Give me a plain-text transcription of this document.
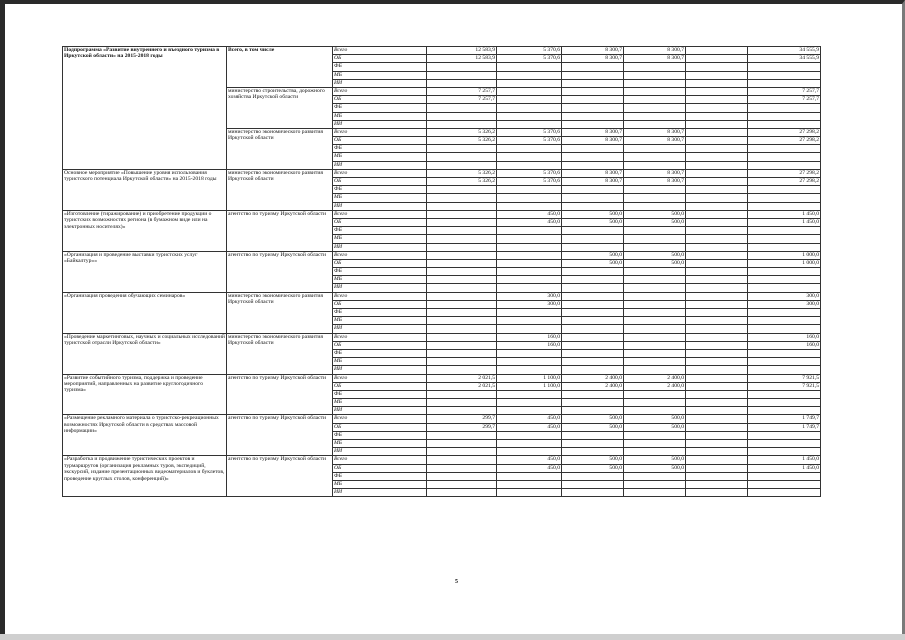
Подпрограмма «Развитие внутреннего и въездного туризма в Иркутской области» на 2015-2018 годы	Всего, в том числе	Всего	12 583,9	5 370,6	8 300,7	8 300,7		34 555,9
		ОБ	12 583,9	5 370,6	8 300,7	8 300,7		34 555,9
		ФБ						
		МБ						
		ИИ						
	министерство строительства, дорожного хозяйства Иркутской области	Всего	7 257,7					7 257,7
		ОБ	7 257,7					7 257,7
		ФБ						
		МБ						
		ИИ						
	министерство экономического развития Иркутской области	Всего	5 326,2	5 370,6	8 300,7	8 300,7		27 298,2
		ОБ	5 326,2	5 370,6	8 300,7	8 300,7		27 298,2
		ФБ						
		МБ						
		ИИ						
Основное мероприятие «Повышение уровня использования туристского потенциала Иркутской области» на 2015-2018 годы	министерство экономического развития Иркутской области	Всего	5 326,2	5 370,6	8 300,7	8 300,7		27 298,2
		ОБ	5 326,2	5 370,6	8 300,7	8 300,7		27 298,2
		ФБ						
		МБ						
		ИИ						
«Изготовление (тиражирование) и приобретение продукции о туристских возможностях региона (в бумажном виде или на электронных носителях)»	агентство по туризму Иркутской области	Всего		450,0	500,0	500,0		1 450,0
		ОБ		450,0	500,0	500,0		1 450,0
		ФБ						
		МБ						
		ИИ						
«Организация и проведение выставки туристских услуг «Байкалтур»»	агентство по туризму Иркутской области	Всего			500,0	500,0		1 000,0
		ОБ			500,0	500,0		1 000,0
		ФБ						
		МБ						
		ИИ						
«Организация проведения обучающих семинаров»	министерство экономического развития Иркутской области	Всего		300,0				300,0
		ОБ		300,0				300,0
		ФБ						
		МБ						
		ИИ						
«Проведение маркетинговых, научных и социальных исследований туристской отрасли Иркутской области»	министерство экономического развития Иркутской области	Всего		160,0				160,0
		ОБ		160,0				160,0
		ФБ						
		МБ						
		ИИ						
«Развитие событийного туризма, поддержка и проведение мероприятий, направленных на развитие круглогодичного туризма»	агентство по туризму Иркутской области	Всего	2 021,5	1 100,0	2 400,0	2 400,0		7 921,5
		ОБ	2 021,5	1 100,0	2 400,0	2 400,0		7 921,5
		ФБ						
		МБ						
		ИИ						
«Размещение рекламного материала о туристско-рекреационных возможностях Иркутской области в средствах массовой информации»	агентство по туризму Иркутской области	Всего	299,7	450,0	500,0	500,0		1 749,7
		ОБ	299,7	450,0	500,0	500,0		1 749,7
		ФБ						
		МБ						
		ИИ						
«Разработка и продвижение туристических проектов и турмаршрутов (организация рекламных туров, экспедиций, экскурсий, издание презентационных видеоматериалов и буклетов, проведение круглых столов, конференций)»	агентство по туризму Иркутской области	Всего		450,0	500,0	500,0		1 450,0
		ОБ		450,0	500,0	500,0		1 450,0
		ФБ						
		МБ						
		ИИ						
5
